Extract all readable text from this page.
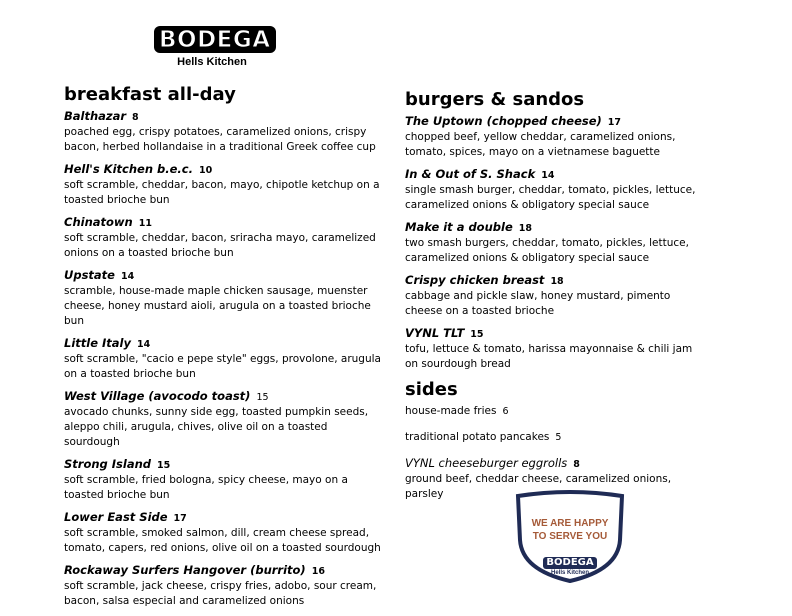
BODEGA
Hells Kitchen
breakfast all-day
Balthazar 8
poached egg, crispy potatoes, caramelized onions, crispy bacon, herbed hollandaise in a traditional Greek coffee cup
Hell's Kitchen b.e.c. 10
soft scramble, cheddar, bacon, mayo, chipotle ketchup on a toasted brioche bun
Chinatown 11
soft scramble, cheddar, bacon, sriracha mayo, caramelized onions on a toasted brioche bun
Upstate 14
scramble, house-made maple chicken sausage, muenster cheese, honey mustard aioli, arugula on a toasted brioche bun
Little Italy 14
soft scramble, "cacio e pepe style" eggs, provolone, arugula on a toasted brioche bun
West Village (avocodo toast) 15
avocado chunks, sunny side egg, toasted pumpkin seeds, aleppo chili, arugula, chives, olive oil on a toasted sourdough
Strong Island 15
soft scramble, fried bologna, spicy cheese, mayo on a toasted brioche bun
Lower East Side 17
soft scramble, smoked salmon, dill, cream cheese spread, tomato, capers, red onions, olive oil on a toasted sourdough
Rockaway Surfers Hangover (burrito) 16
soft scramble, jack cheese, crispy fries, adobo, sour cream, bacon, salsa especial and caramelized onions
burgers & sandos
The Uptown (chopped cheese) 17
chopped beef, yellow cheddar, caramelized onions, tomato, spices, mayo on a vietnamese baguette
In & Out of S. Shack 14
single smash burger, cheddar, tomato, pickles, lettuce, caramelized onions & obligatory special sauce
Make it a double 18
two smash burgers, cheddar, tomato, pickles, lettuce, caramelized onions & obligatory special sauce
Crispy chicken breast 18
cabbage and pickle slaw, honey mustard, pimento cheese on a toasted brioche
VYNL TLT 15
tofu, lettuce & tomato, harissa mayonnaise & chili jam on sourdough bread
sides
house-made fries 6
traditional potato pancakes 5
VYNL cheeseburger eggrolls 8
ground beef, cheddar cheese, caramelized onions, parsley
WE ARE HAPPY
TO SERVE YOU
BODEGA
Hells Kitchen
